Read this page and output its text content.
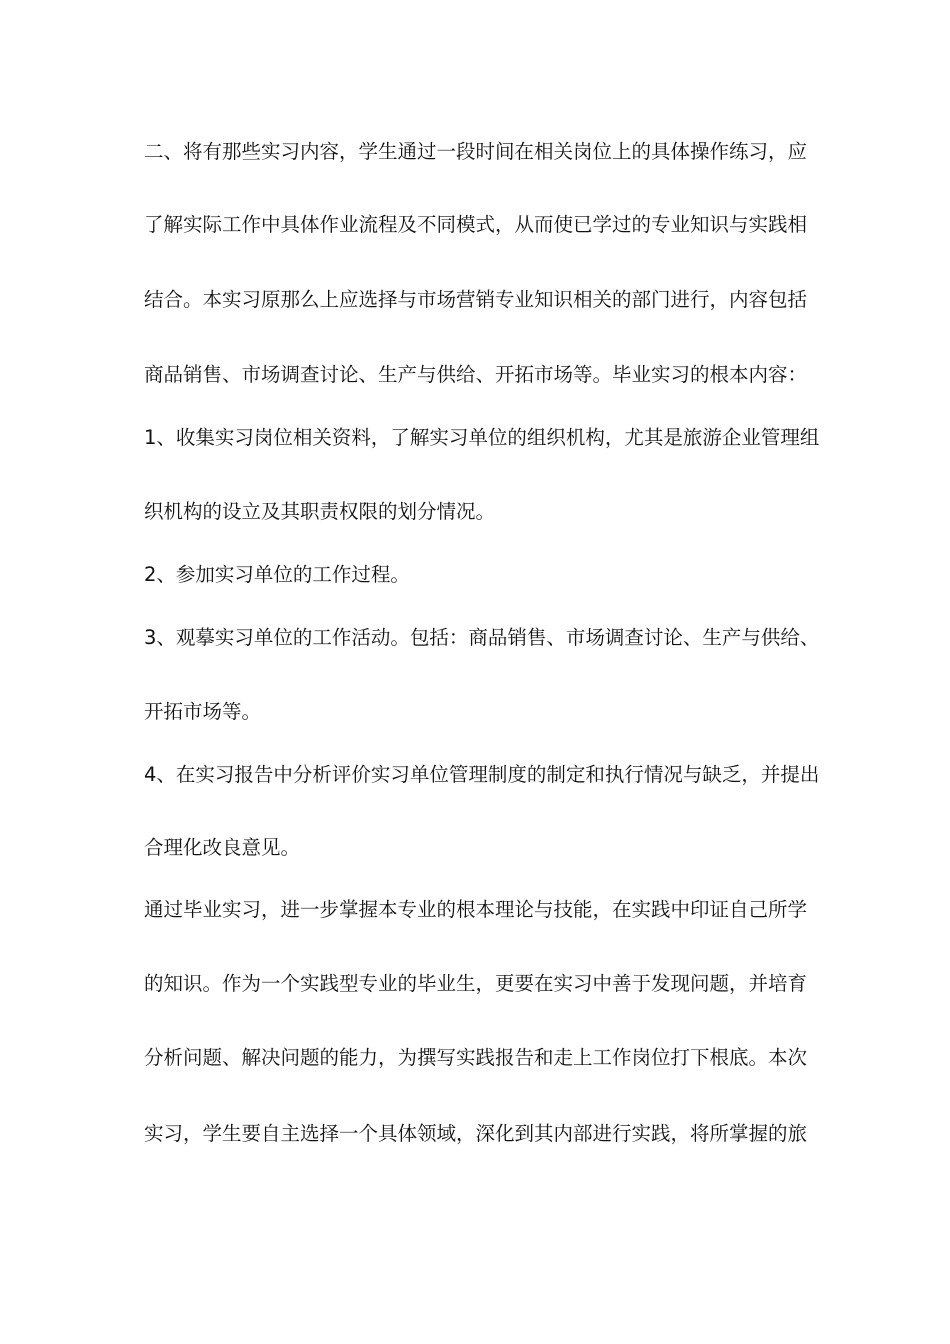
二、将有那些实习内容，学生通过一段时间在相关岗位上的具体操作练习，应

了解实际工作中具体作业流程及不同模式，从而使已学过的专业知识与实践相

结合。本实习原那么上应选择与市场营销专业知识相关的部门进行，内容包括

商品销售、市场调查讨论、生产与供给、开拓市场等。毕业实习的根本内容：

1、收集实习岗位相关资料，了解实习单位的组织机构，尤其是旅游企业管理组

织机构的设立及其职责权限的划分情况。

2、参加实习单位的工作过程。

3、观摹实习单位的工作活动。包括：商品销售、市场调查讨论、生产与供给、

开拓市场等。

4、在实习报告中分析评价实习单位管理制度的制定和执行情况与缺乏，并提出

合理化改良意见。

通过毕业实习，进一步掌握本专业的根本理论与技能，在实践中印证自己所学

的知识。作为一个实践型专业的毕业生，更要在实习中善于发现问题，并培育

分析问题、解决问题的能力，为撰写实践报告和走上工作岗位打下根底。本次

实习，学生要自主选择一个具体领域，深化到其内部进行实践，将所掌握的旅
